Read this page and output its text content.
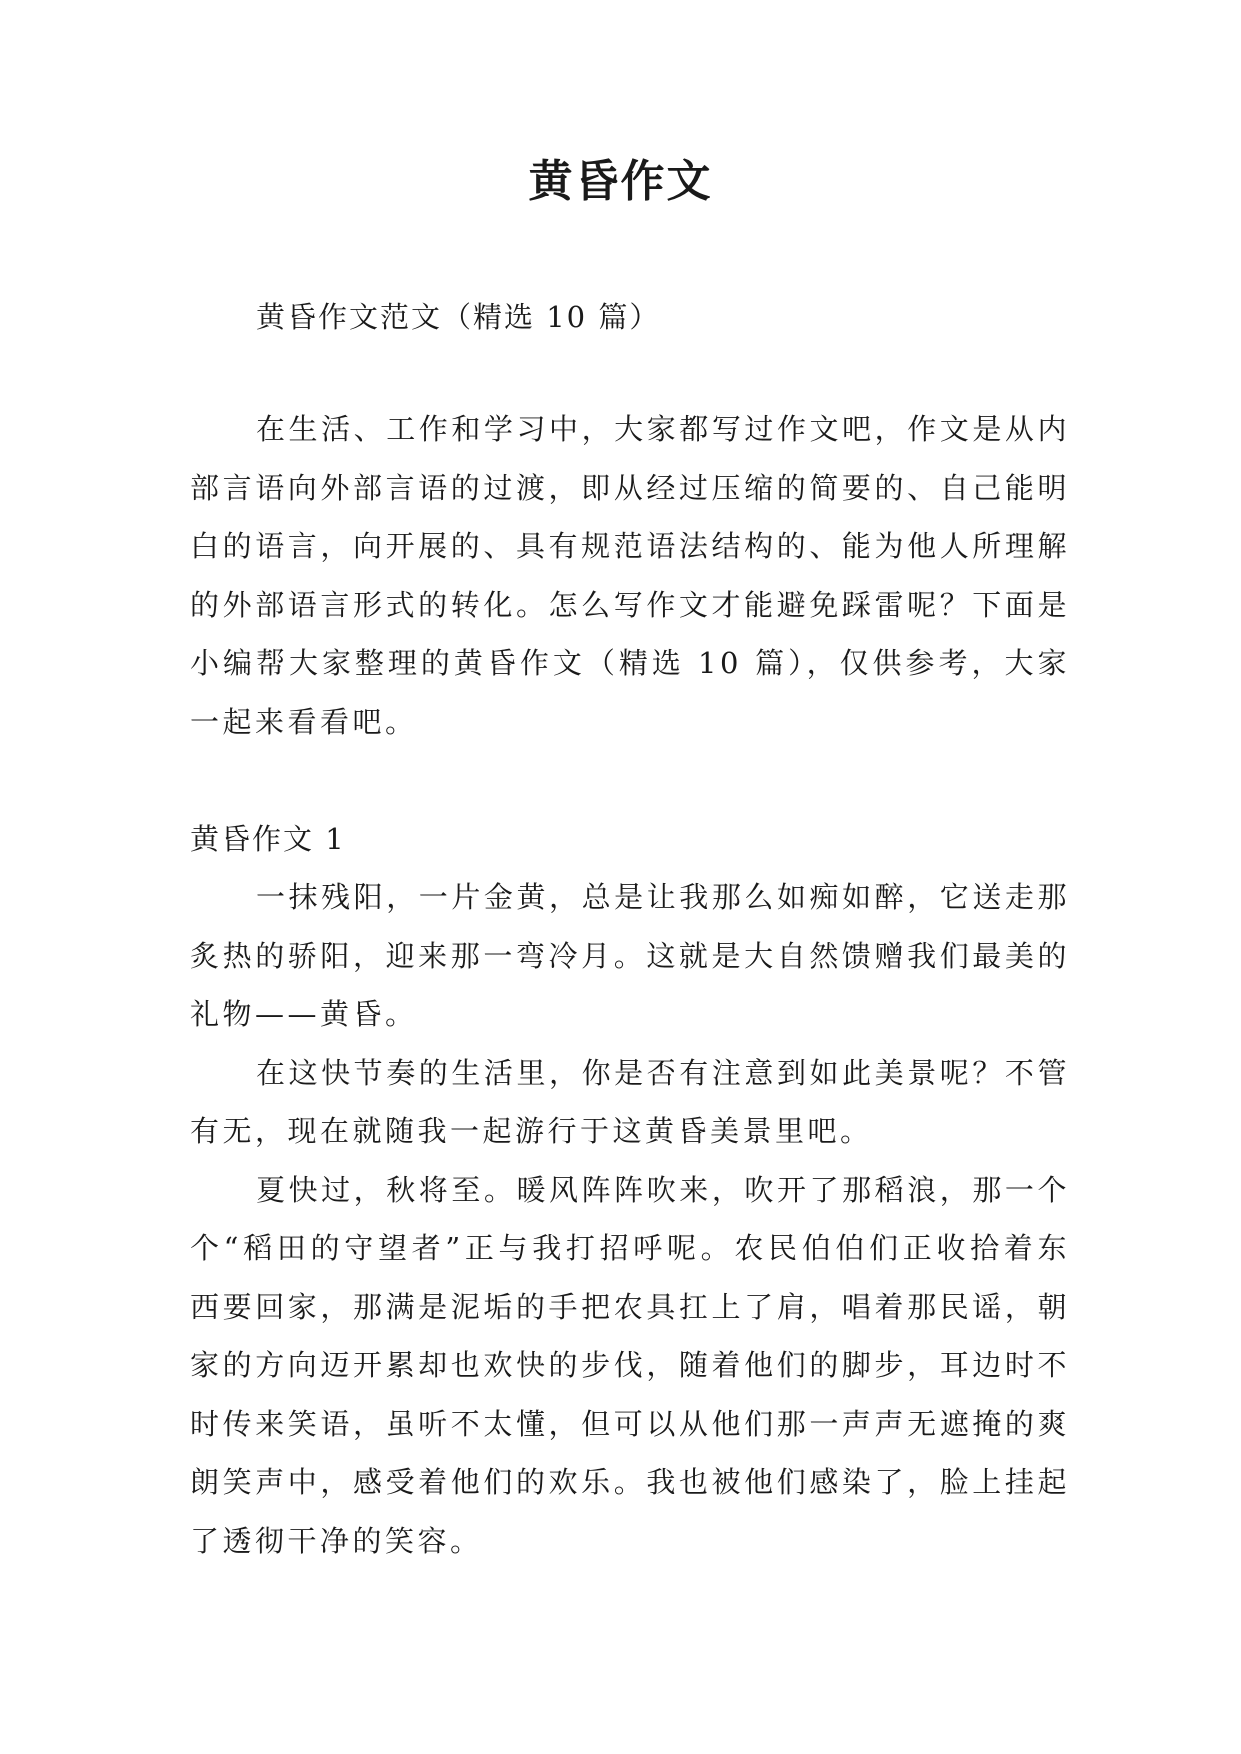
黄昏作文

黄昏作文范文（精选 10 篇）

在生活、工作和学习中，大家都写过作文吧，作文是从内部言语向外部言语的过渡，即从经过压缩的简要的、自己能明白的语言，向开展的、具有规范语法结构的、能为他人所理解的外部语言形式的转化。怎么写作文才能避免踩雷呢？下面是小编帮大家整理的黄昏作文（精选 10 篇），仅供参考，大家一起来看看吧。

黄昏作文 1

一抹残阳，一片金黄，总是让我那么如痴如醉，它送走那炙热的骄阳，迎来那一弯冷月。这就是大自然馈赠我们最美的礼物——黄昏。

在这快节奏的生活里，你是否有注意到如此美景呢？不管有无，现在就随我一起游行于这黄昏美景里吧。

夏快过，秋将至。暖风阵阵吹来，吹开了那稻浪，那一个个“稻田的守望者”正与我打招呼呢。农民伯伯们正收拾着东西要回家，那满是泥垢的手把农具扛上了肩，唱着那民谣，朝家的方向迈开累却也欢快的步伐，随着他们的脚步，耳边时不时传来笑语，虽听不太懂，但可以从他们那一声声无遮掩的爽朗笑声中，感受着他们的欢乐。我也被他们感染了，脸上挂起了透彻干净的笑容。
